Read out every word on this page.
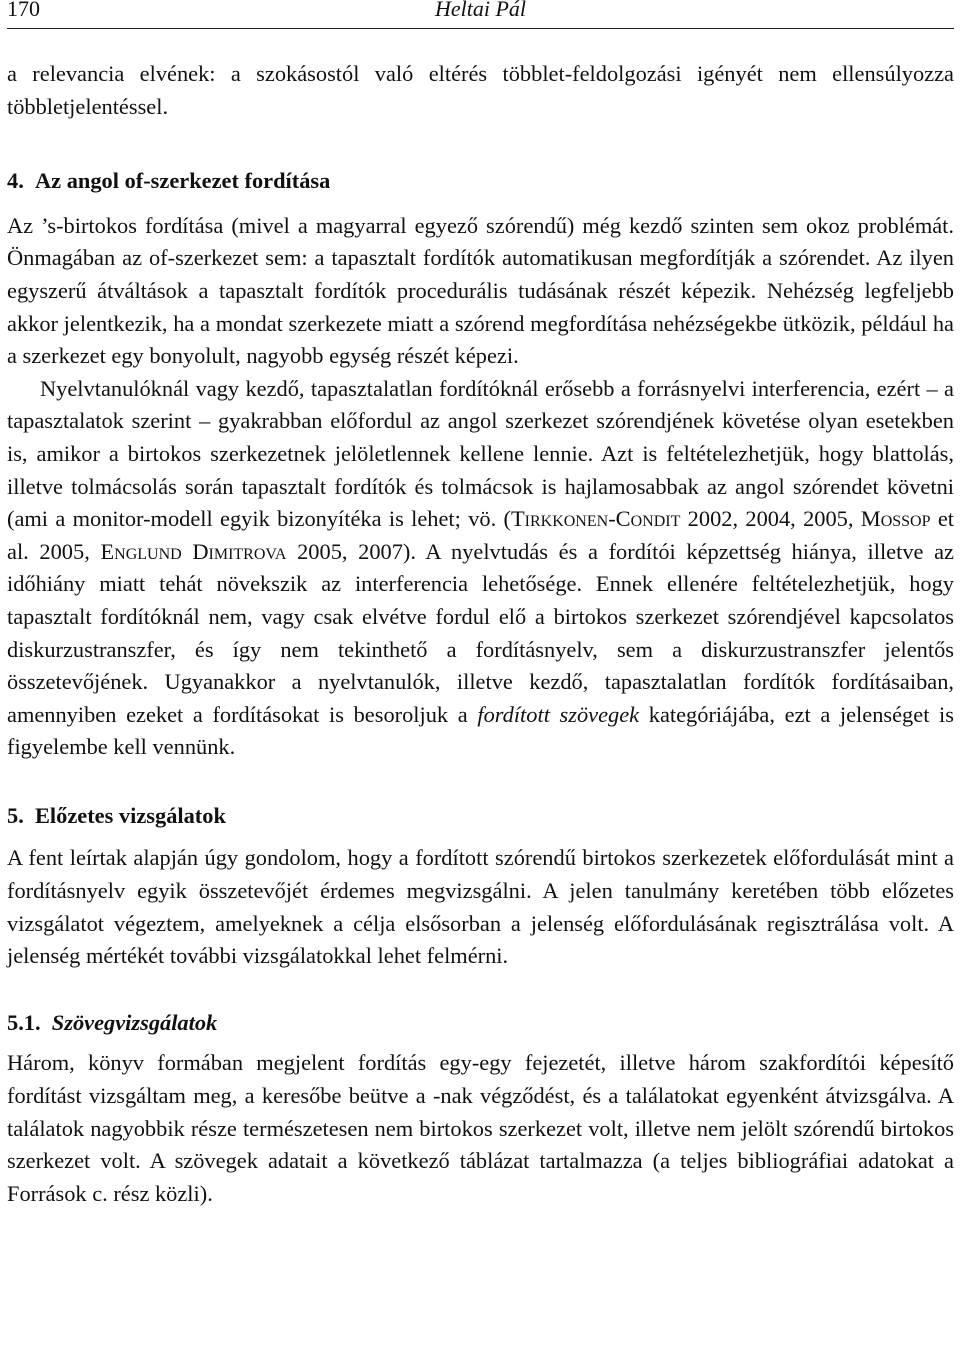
170	Heltai Pál

a relevancia elvének: a szokásostól való eltérés többlet-feldolgozási igényét nem ellensúlyozza többletjelentéssel.

4. Az angol of-szerkezet fordítása

Az ’s-birtokos fordítása (mivel a magyarral egyező szórendű) még kezdő szinten sem okoz problémát. Önmagában az of-szerkezet sem: a tapasztalt fordítók automatikusan megfordítják a szórendet. Az ilyen egyszerű átváltások a tapasztalt fordítók procedurális tudásának részét képezik. Nehézség legfeljebb akkor jelentkezik, ha a mondat szerkezete miatt a szórend megfordítása nehézségekbe ütközik, például ha a szerkezet egy bonyolult, nagyobb egység részét képezi.

Nyelvtanulóknál vagy kezdő, tapasztalatlan fordítóknál erősebb a forrásnyelvi interferencia, ezért – a tapasztalatok szerint – gyakrabban előfordul az angol szerkezet szórendjének követése olyan esetekben is, amikor a birtokos szerkezetnek jelöletlennek kellene lennie. Azt is feltételezhetjük, hogy blattolás, illetve tolmácsolás során tapasztalt fordítók és tolmácsok is hajlamosabbak az angol szórendet követni (ami a monitor-modell egyik bizonyítéka is lehet; vö. (Tirkkonen-Condit 2002, 2004, 2005, Mossop et al. 2005, Englund Dimitrova 2005, 2007). A nyelvtudás és a fordítói képzettség hiánya, illetve az időhiány miatt tehát növekszik az interferencia lehetősége. Ennek ellenére feltételezhetjük, hogy tapasztalt fordítóknál nem, vagy csak elvétve fordul elő a birtokos szerkezet szórendjével kapcsolatos diskurzustranszfer, és így nem tekinthető a fordításnyelv, sem a diskurzustranszfer jelentős összetevőjének. Ugyanakkor a nyelvtanulók, illetve kezdő, tapasztalatlan fordítók fordításaiban, amennyiben ezeket a fordításokat is besoroljuk a fordított szövegek kategóriájába, ezt a jelenséget is figyelembe kell vennünk.

5. Előzetes vizsgálatok

A fent leírtak alapján úgy gondolom, hogy a fordított szórendű birtokos szerkezetek előfordulását mint a fordításnyelv egyik összetevőjét érdemes megvizsgálni. A jelen tanulmány keretében több előzetes vizsgálatot végeztem, amelyeknek a célja elsősorban a jelenség előfordulásának regisztrálása volt. A jelenség mértékét további vizsgálatokkal lehet felmérni.

5.1. Szövegvizsgálatok

Három, könyv formában megjelent fordítás egy-egy fejezetét, illetve három szakfordítói képesítő fordítást vizsgáltam meg, a keresőbe beütve a -nak végződést, és a találatokat egyenként átvizsgálva. A találatok nagyobbik része természetesen nem birtokos szerkezet volt, illetve nem jelölt szórendű birtokos szerkezet volt. A szövegek adatait a következő táblázat tartalmazza (a teljes bibliográfiai adatokat a Források c. rész közli).
